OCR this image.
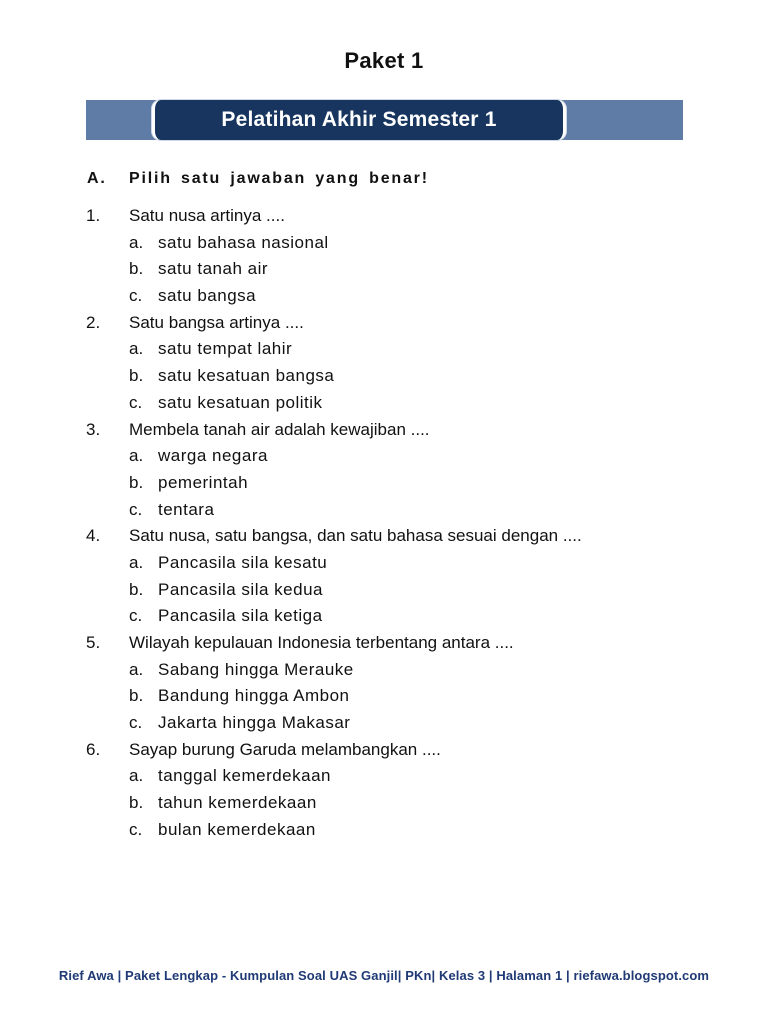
Paket 1
Pelatihan Akhir Semester 1
A.	Pilih satu jawaban yang benar!
1.	Satu nusa artinya ....
a. satu bahasa nasional
b. satu tanah air
c. satu bangsa
2.	Satu bangsa artinya ....
a. satu tempat lahir
b. satu kesatuan bangsa
c. satu kesatuan politik
3.	Membela tanah air adalah kewajiban ....
a. warga negara
b. pemerintah
c. tentara
4.	Satu nusa, satu bangsa, dan satu bahasa sesuai dengan ....
a. Pancasila sila kesatu
b. Pancasila sila kedua
c. Pancasila sila ketiga
5.	Wilayah kepulauan Indonesia terbentang antara ....
a. Sabang hingga Merauke
b. Bandung hingga Ambon
c. Jakarta hingga Makasar
6.	Sayap burung Garuda melambangkan ....
a. tanggal kemerdekaan
b. tahun kemerdekaan
c. bulan kemerdekaan
Rief Awa | Paket Lengkap - Kumpulan Soal UAS Ganjil| PKn| Kelas 3 | Halaman 1 | riefawa.blogspot.com
